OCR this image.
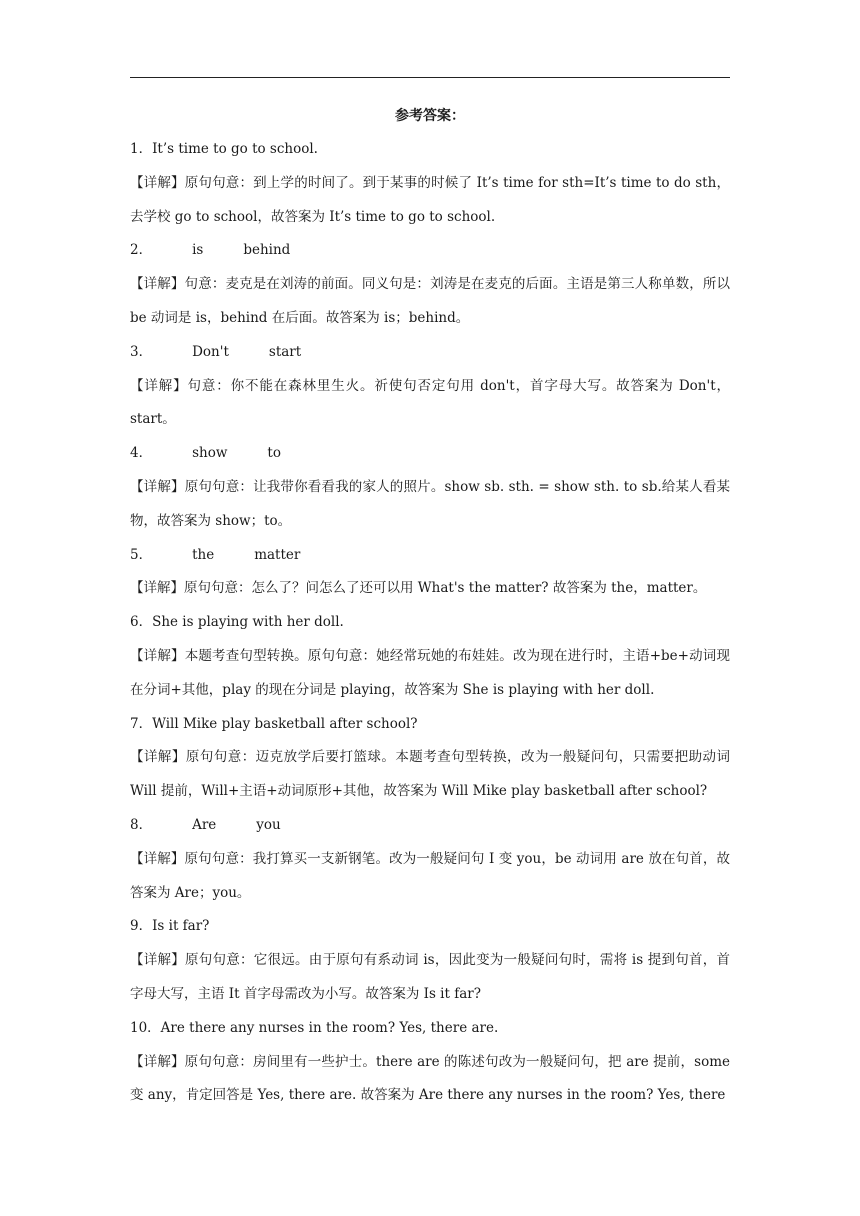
参考答案：
1．It’s time to go to school.
【详解】原句句意：到上学的时间了。到于某事的时候了 It’s time for sth=It’s time to do sth，去学校 go to school，故答案为 It’s time to go to school.
2．	is	behind
【详解】句意：麦克是在刘涛的前面。同义句是：刘涛是在麦克的后面。主语是第三人称单数，所以 be 动词是 is，behind 在后面。故答案为 is；behind。
3．	Don't	start
【详解】句意：你不能在森林里生火。祈使句否定句用 don't，首字母大写。故答案为 Don't，start。
4．	show	to
【详解】原句句意：让我带你看看我的家人的照片。show sb. sth. = show sth. to sb.给某人看某物，故答案为 show；to。
5．	the	matter
【详解】原句句意：怎么了？问怎么了还可以用 What's the matter? 故答案为 the，matter。
6．She is playing with her doll.
【详解】本题考查句型转换。原句句意：她经常玩她的布娃娃。改为现在进行时，主语+be+动词现在分词+其他，play 的现在分词是 playing，故答案为 She is playing with her doll.
7．Will Mike play basketball after school?
【详解】原句句意：迈克放学后要打篮球。本题考查句型转换，改为一般疑问句，只需要把助动词 Will 提前，Will+主语+动词原形+其他，故答案为 Will Mike play basketball after school?
8．	Are	you
【详解】原句句意：我打算买一支新钢笔。改为一般疑问句 I 变 you，be 动词用 are 放在句首，故答案为 Are；you。
9．Is it far?
【详解】原句句意：它很远。由于原句有系动词 is，因此变为一般疑问句时，需将 is 提到句首，首字母大写，主语 It 首字母需改为小写。故答案为 Is it far?
10．Are there any nurses in the room? Yes, there are.
【详解】原句句意：房间里有一些护士。there are 的陈述句改为一般疑问句，把 are 提前，some 变 any，肯定回答是 Yes, there are. 故答案为 Are there any nurses in the room? Yes, there
